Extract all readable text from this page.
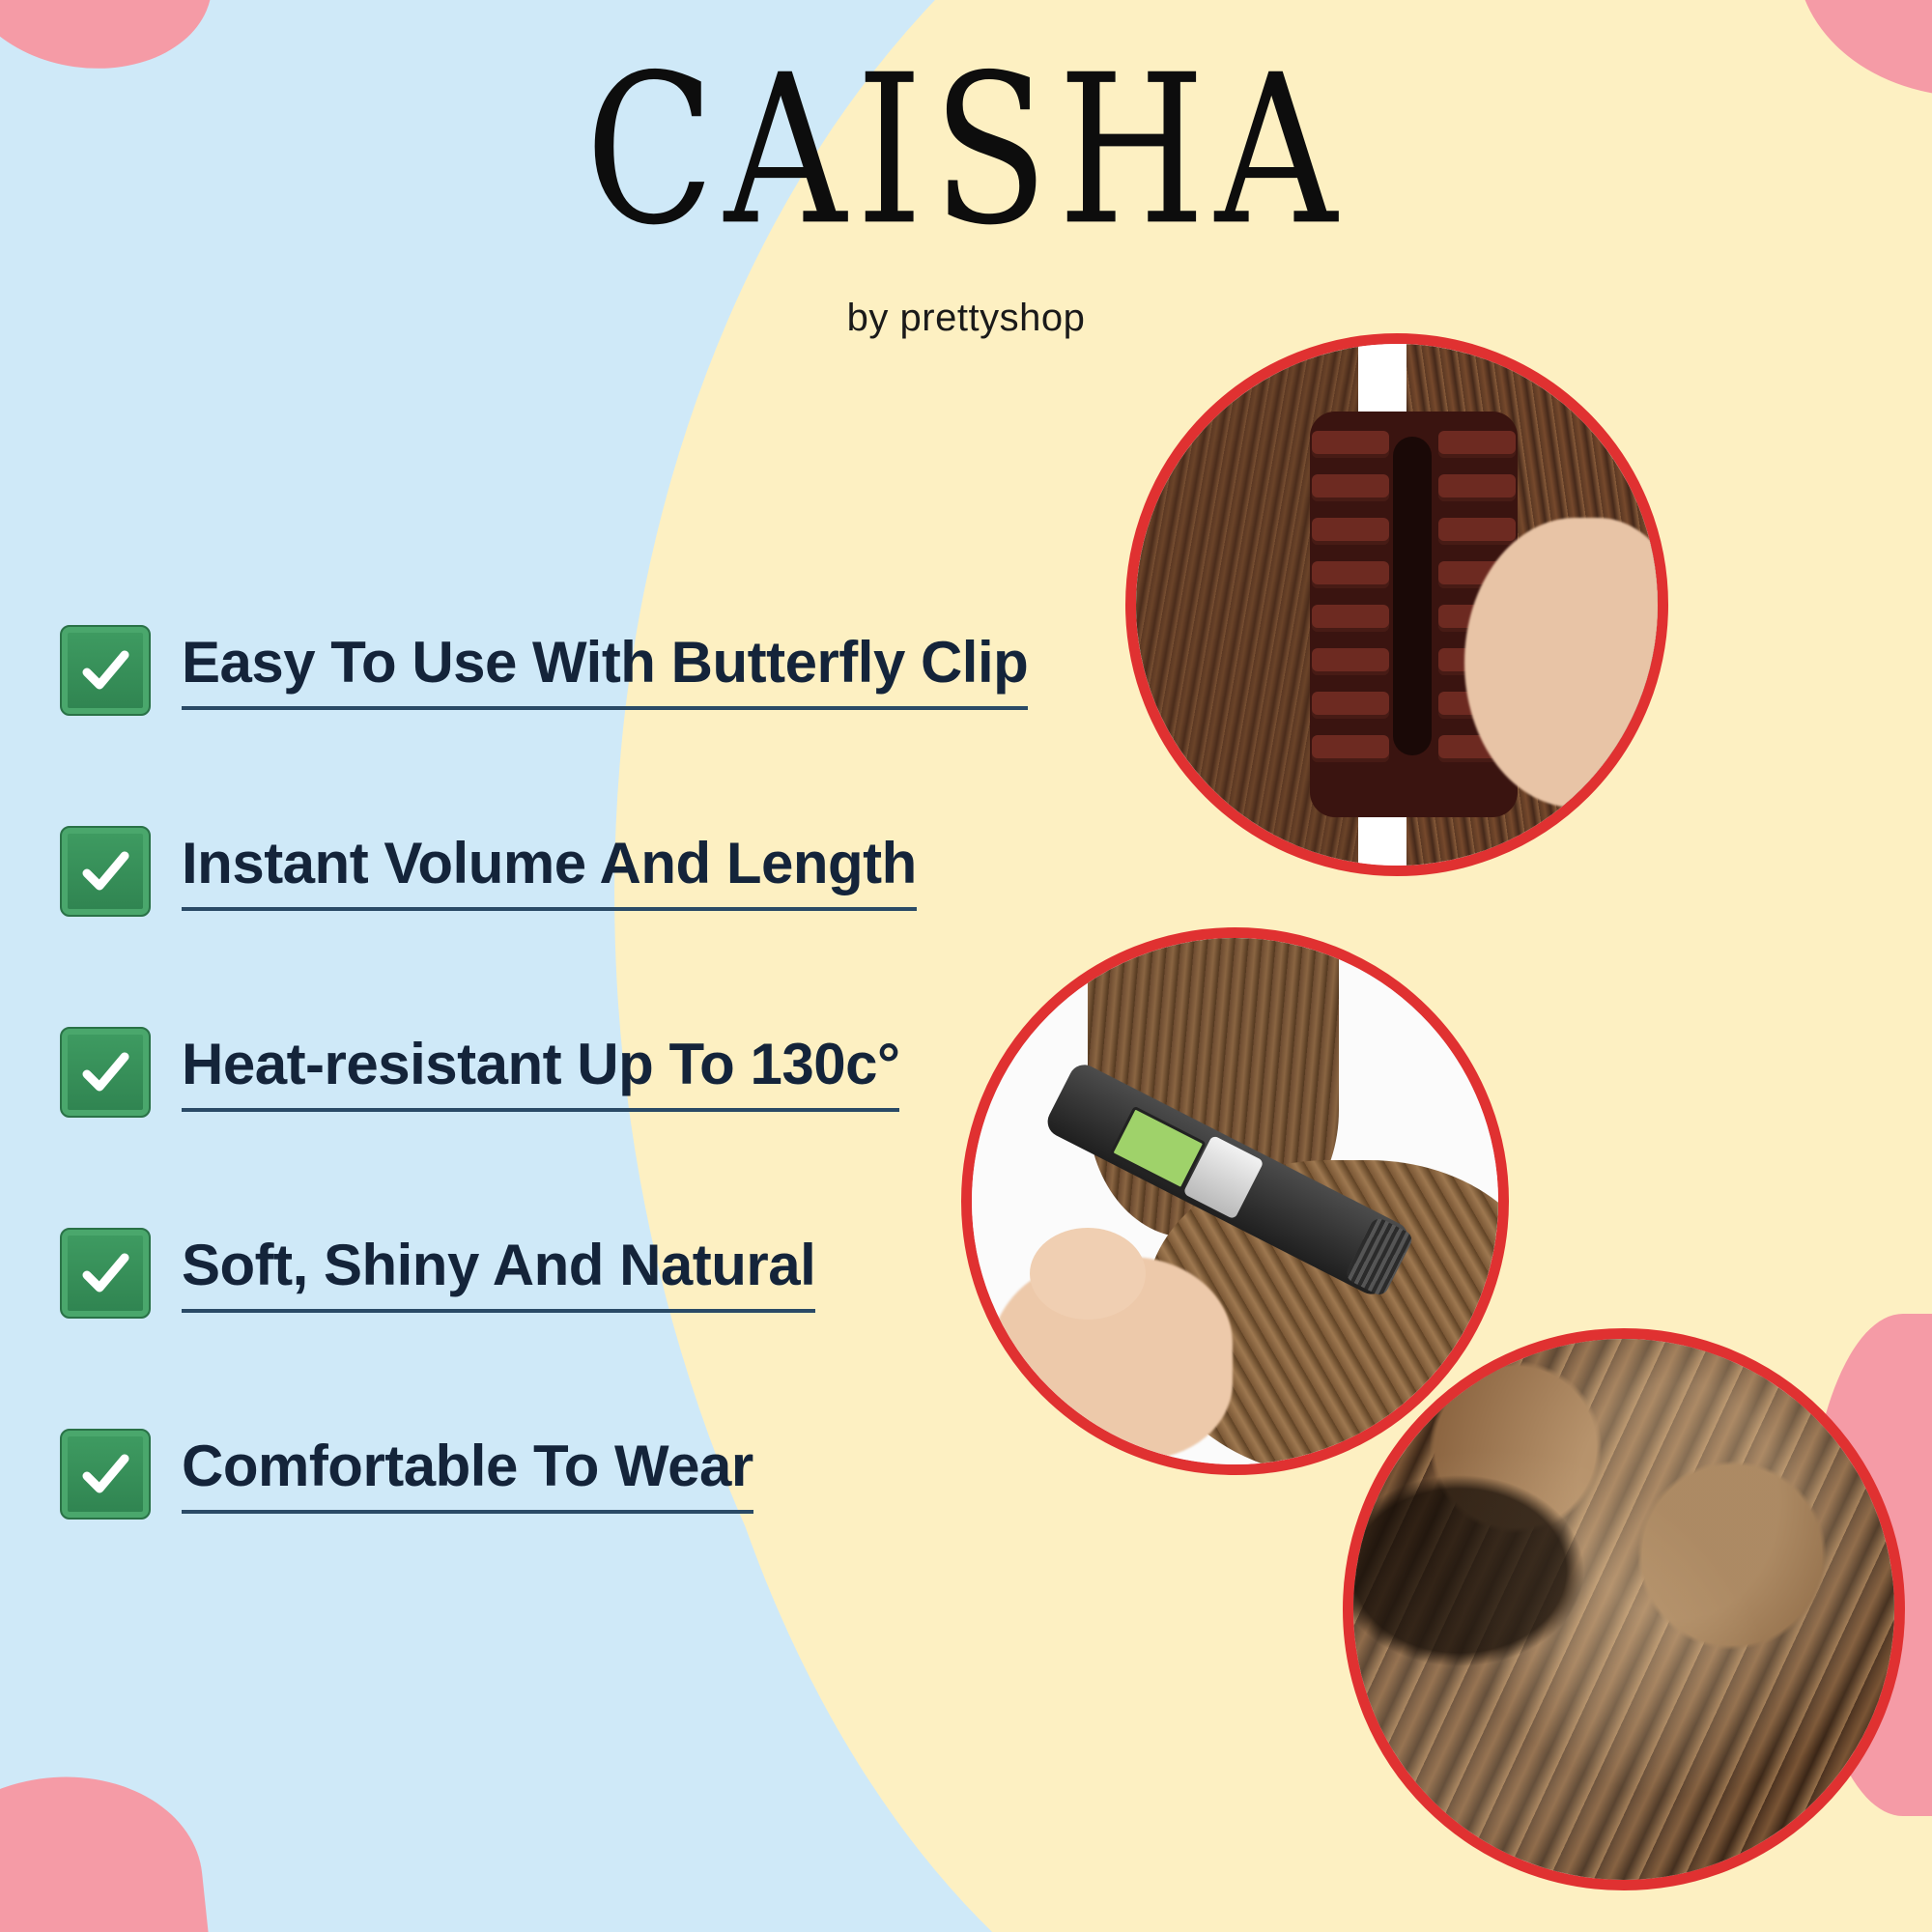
CAISHA
by prettyshop
Easy To Use With Butterfly Clip
Instant Volume And Length
Heat-resistant Up To 130c°
Soft, Shiny And Natural
Comfortable To Wear
